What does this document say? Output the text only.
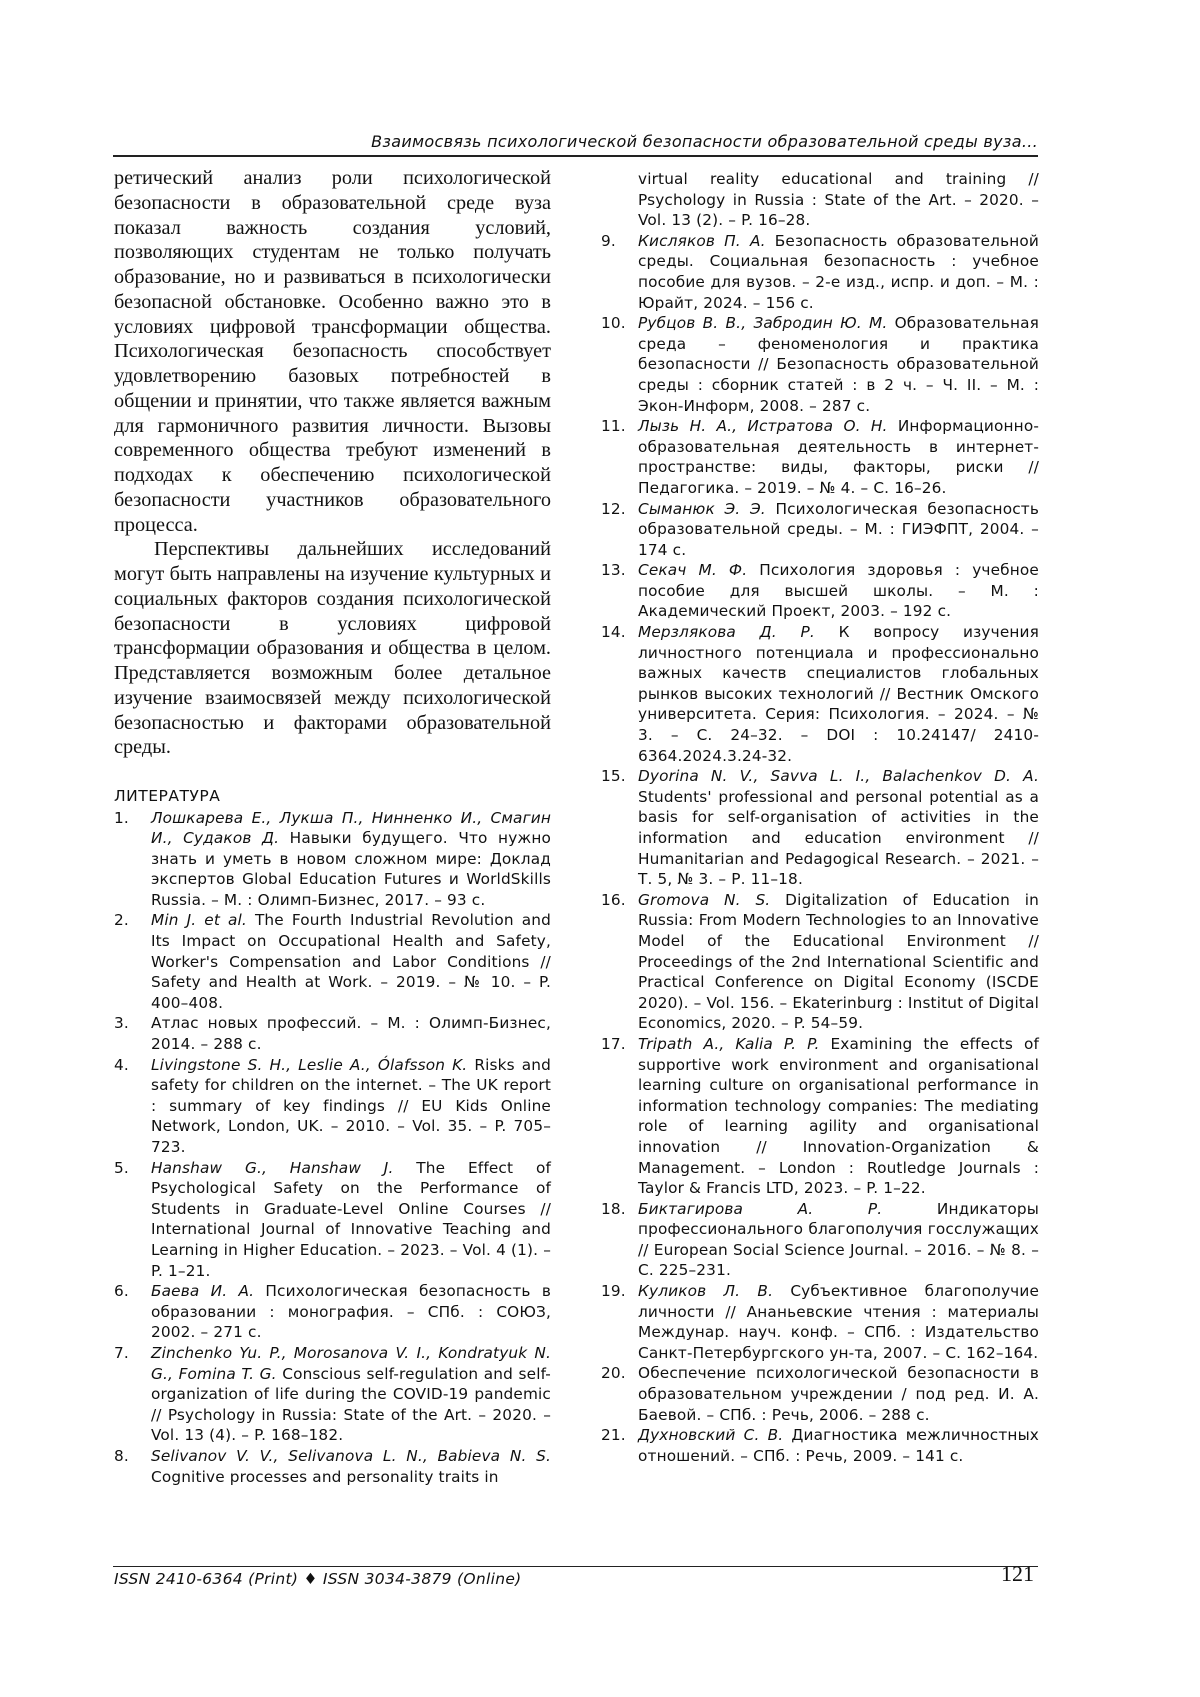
Взаимосвязь психологической безопасности образовательной среды вуза...

ретический анализ роли психологической безопасности в образовательной среде вуза показал важность создания условий, позволяющих студентам не только получать образование, но и развиваться в психологически безопасной обстановке. Особенно важно это в условиях цифровой трансформации общества. Психологическая безопасность способствует удовлетворению базовых потребностей в общении и принятии, что также является важным для гармоничного развития личности. Вызовы современного общества требуют изменений в подходах к обеспечению психологической безопасности участников образовательного процесса.

Перспективы дальнейших исследований могут быть направлены на изучение культурных и социальных факторов создания психологической безопасности в условиях цифровой трансформации образования и общества в целом. Представляется возможным более детальное изучение взаимосвязей между психологической безопасностью и факторами образовательной среды.

ЛИТЕРАТУРА
1. Лошкарева Е., Лукша П., Нинненко И., Смагин И., Судаков Д. Навыки будущего. Что нужно знать и уметь в новом сложном мире: Доклад экспертов Global Education Futures и WorldSkills Russia. – М. : Олимп-Бизнес, 2017. – 93 с.
2. Min J. et al. The Fourth Industrial Revolution and Its Impact on Occupational Health and Safety, Worker's Compensation and Labor Conditions // Safety and Health at Work. – 2019. – № 10. – P. 400–408.
3. Атлас новых профессий. – М. : Олимп-Бизнес, 2014. – 288 с.
4. Livingstone S. H., Leslie A., Ólafsson K. Risks and safety for children on the internet. – The UK report : summary of key findings // EU Kids Online Network, London, UK. – 2010. – Vol. 35. – P. 705–723.
5. Hanshaw G., Hanshaw J. The Effect of Psychological Safety on the Performance of Students in Graduate-Level Online Courses // International Journal of Innovative Teaching and Learning in Higher Education. – 2023. – Vol. 4 (1). – P. 1–21.
6. Баева И. А. Психологическая безопасность в образовании : монография. – СПб. : СОЮЗ, 2002. – 271 с.
7. Zinchenko Yu. P., Morosanova V. I., Kondratyuk N. G., Fomina T. G. Conscious self-regulation and self-organization of life during the COVID-19 pandemic // Psychology in Russia: State of the Art. – 2020. – Vol. 13 (4). – P. 168–182.
8. Selivanov V. V., Selivanova L. N., Babieva N. S. Cognitive processes and personality traits in
virtual reality educational and training // Psychology in Russia : State of the Art. – 2020. – Vol. 13 (2). – P. 16–28.
9. Кисляков П. А. Безопасность образовательной среды. Социальная безопасность : учебное пособие для вузов. – 2-е изд., испр. и доп. – М. : Юрайт, 2024. – 156 с.
10. Рубцов В. В., Забродин Ю. М. Образовательная среда – феноменология и практика безопасности // Безопасность образовательной среды : сборник статей : в 2 ч. – Ч. II. – М. : Экон-Информ, 2008. – 287 с.
11. Лызь Н. А., Истратова О. Н. Информационно-образовательная деятельность в интернет-пространстве: виды, факторы, риски // Педагогика. – 2019. – № 4. – С. 16–26.
12. Сыманюк Э. Э. Психологическая безопасность образовательной среды. – М. : ГИЭФПТ, 2004. – 174 с.
13. Секач М. Ф. Психология здоровья : учебное пособие для высшей школы. – М. : Академический Проект, 2003. – 192 с.
14. Мерзлякова Д. Р. К вопросу изучения личностного потенциала и профессионально важных качеств специалистов глобальных рынков высоких технологий // Вестник Омского университета. Серия: Психология. – 2024. – № 3. – С. 24–32. – DOI : 10.24147/ 2410-6364.2024.3.24-32.
15. Dyorina N. V., Savva L. I., Balachenkov D. A. Students' professional and personal potential as a basis for self-organisation of activities in the information and education environment // Humanitarian and Pedagogical Research. – 2021. – Т. 5, № 3. – Р. 11–18.
16. Gromova N. S. Digitalization of Education in Russia: From Modern Technologies to an Innovative Model of the Educational Environment // Proceedings of the 2nd International Scientific and Practical Conference on Digital Economy (ISCDE 2020). – Vol. 156. – Ekaterinburg : Institut of Digital Economics, 2020. – P. 54–59.
17. Tripath A., Kalia P. P. Examining the effects of supportive work environment and organisational learning culture on organisational performance in information technology companies: The mediating role of learning agility and organisational innovation // Innovation-Organization & Management. – London : Routledge Journals : Taylor & Francis LTD, 2023. – P. 1–22.
18. Биктагирова А. Р.	Индикаторы профессионального благополучия госслужащих // European Social Science Journal. – 2016. – № 8. – С. 225–231.
19. Куликов Л. В. Субъективное благополучие личности // Ананьевские чтения : материалы Междунар. науч. конф. – СПб. : Издательство Санкт-Петербургского ун-та, 2007. – С. 162–164.
20. Обеспечение психологической безопасности в образовательном учреждении / под ред. И. А. Баевой. – СПб. : Речь, 2006. – 288 с.
21. Духновский С. В. Диагностика межличностных отношений. – СПб. : Речь, 2009. – 141 с.
ISSN 2410-6364 (Print) ♦ ISSN 3034-3879 (Online)	121
